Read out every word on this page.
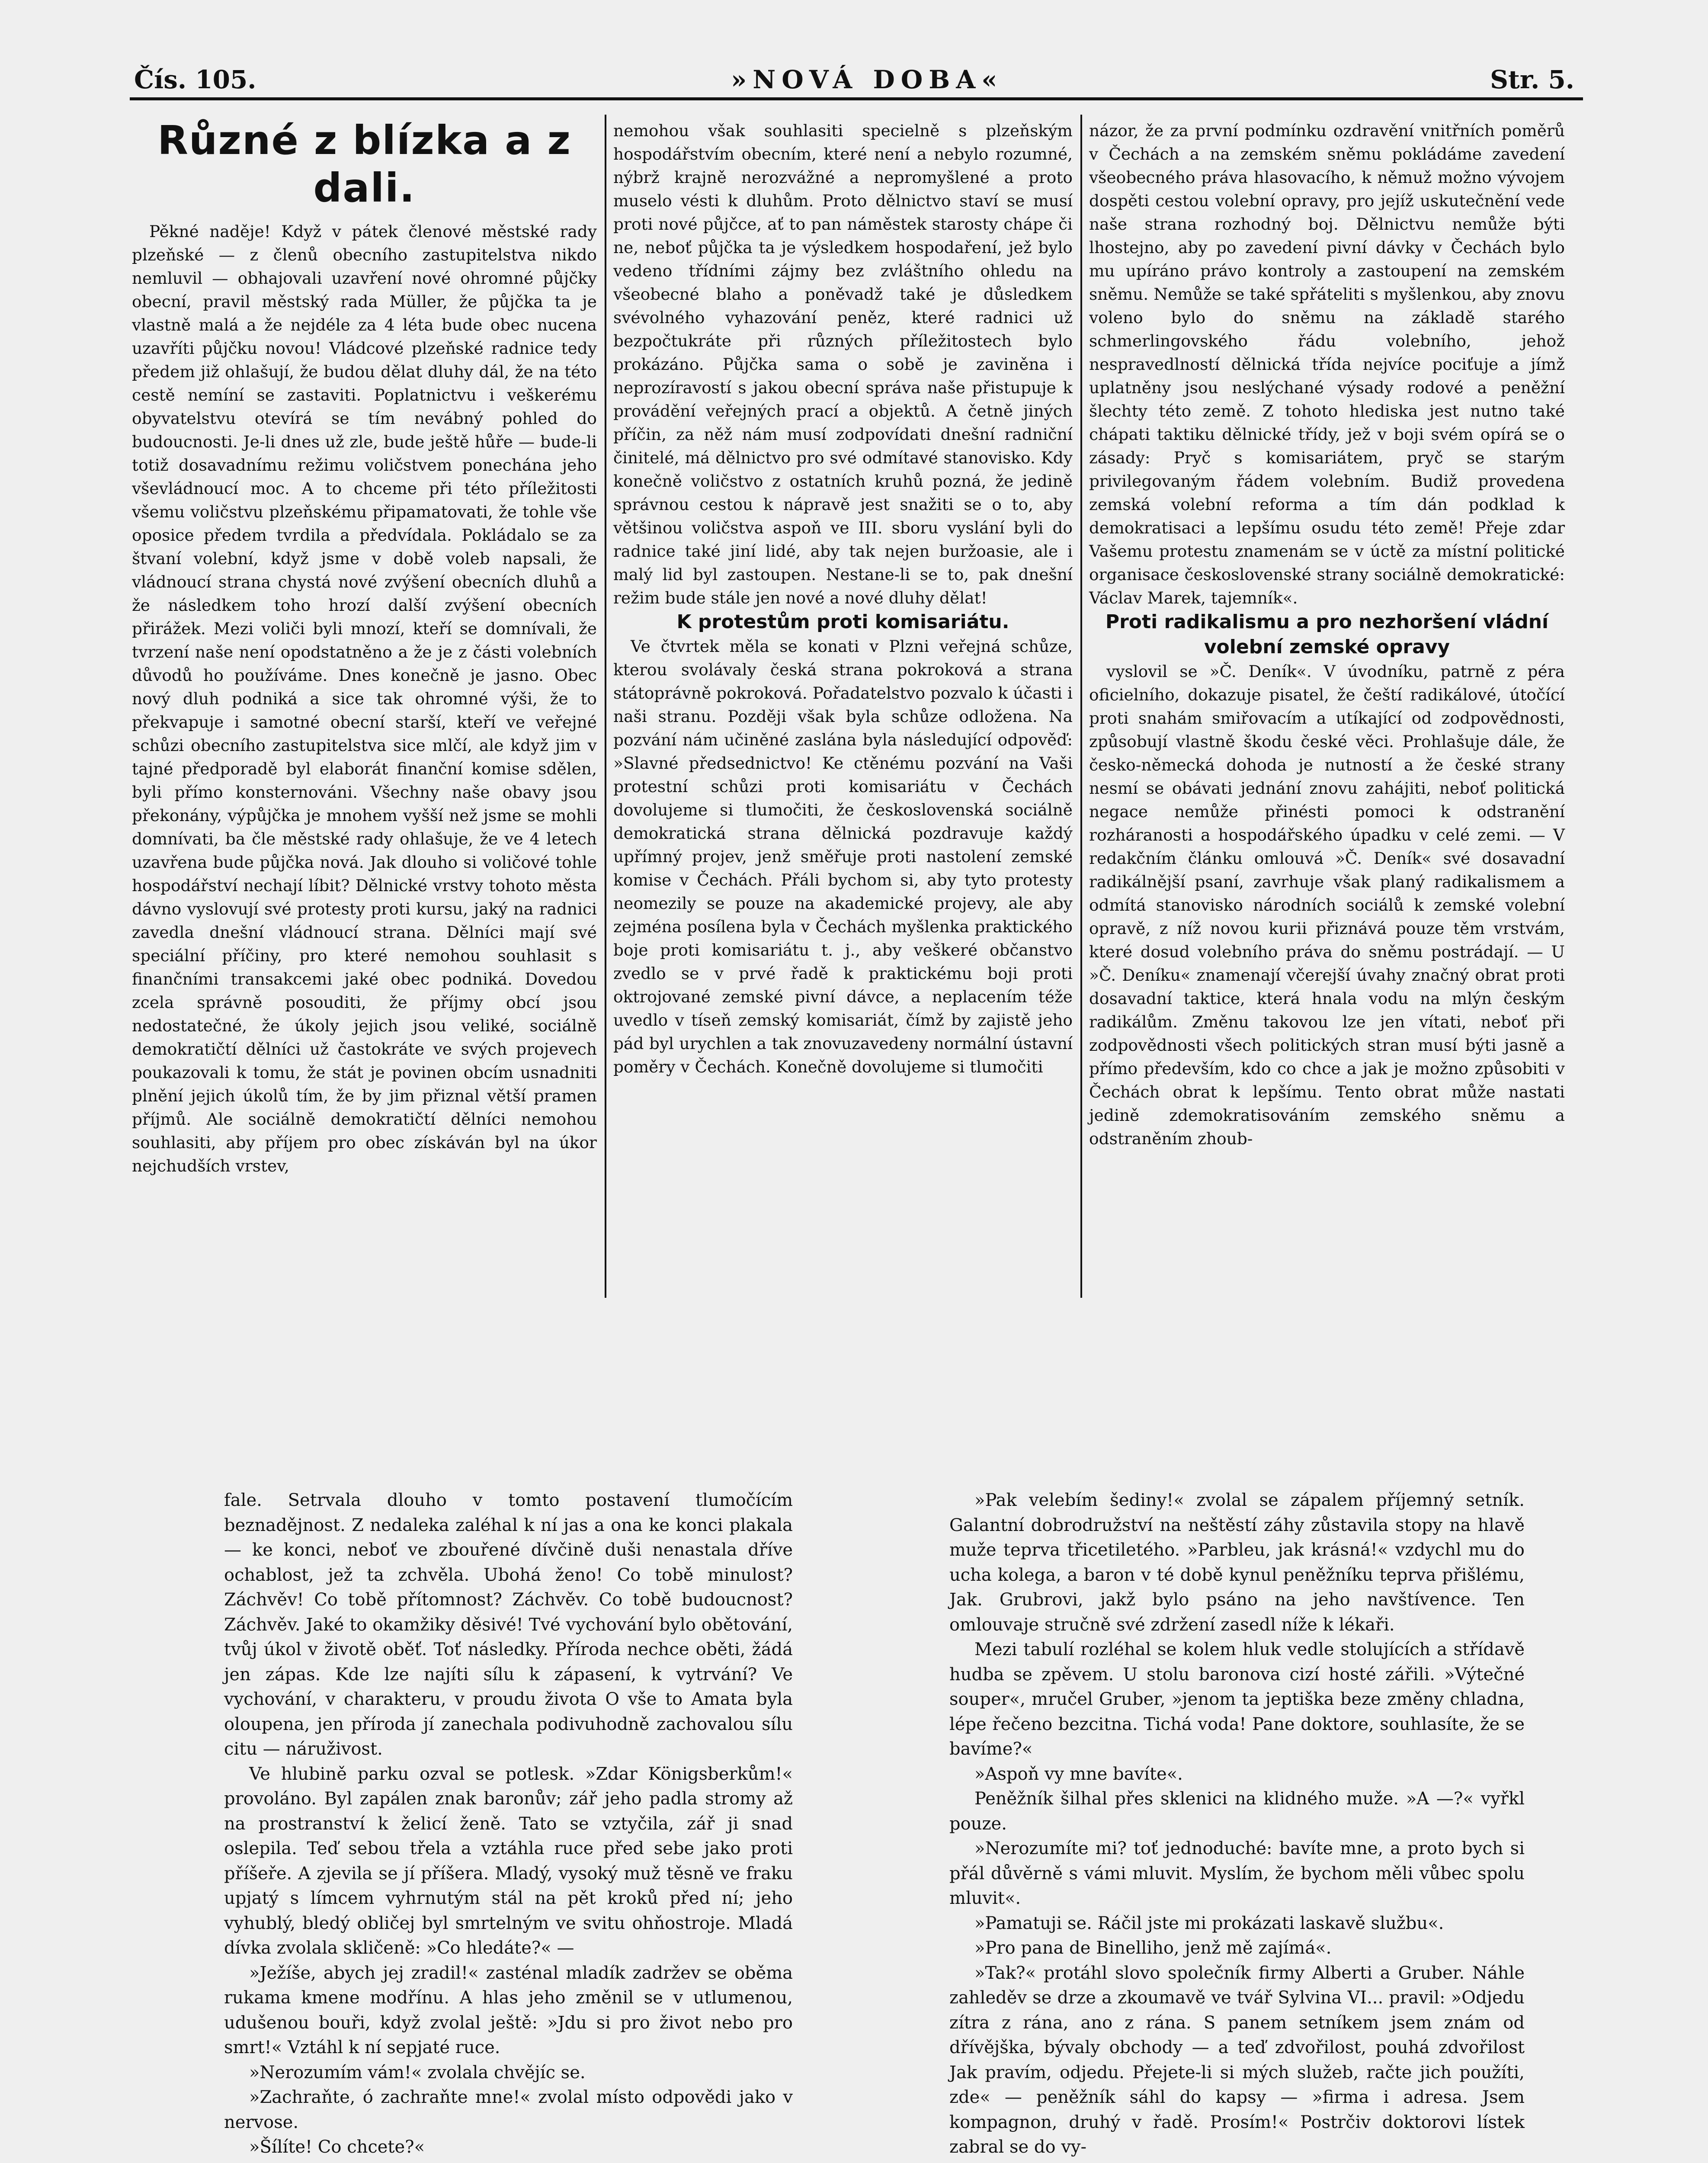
Čís. 105.	»NOVÁ DOBA«	Str. 5.
Různé z blízka a z dali.

Pěkné naděje! Když v pátek členové městské rady plzeňské — z členů obecního zastupitelstva nikdo nemluvil — obhajovali uzavření nové ohromné půjčky obecní, pravil městský rada Müller, že půjčka ta je vlastně malá a že nejdéle za 4 léta bude obec nucena uzavříti půjčku novou! Vládcové plzeňské radnice tedy předem již ohlašují, že budou dělat dluhy dál, že na této cestě nemíní se zastaviti. Poplatnictvu i veškerému obyvatelstvu otevírá se tím nevábný pohled do budoucnosti. Je-li dnes už zle, bude ještě hůře — bude-li totiž dosavadnímu režimu voličstvem ponechána jeho vševládnoucí moc. A to chceme při této příležitosti všemu voličstvu plzeňskému připamatovati, že tohle vše oposice předem tvrdila a předvídala. Pokládalo se za štvaní volební, když jsme v době voleb napsali, že vládnoucí strana chystá nové zvýšení obecních dluhů a že následkem toho hrozí další zvýšení obecních přirážek. Mezi voliči byli mnozí, kteří se domnívali, že tvrzení naše není opodstatněno a že je z části volebních důvodů ho používáme. Dnes konečně je jasno. Obec nový dluh podniká a sice tak ohromné výši, že to překvapuje i samotné obecní starší, kteří ve veřejné schůzi obecního zastupitelstva sice mlčí, ale když jim v tajné předporadě byl elaborát finanční komise sdělen, byli přímo konsternováni. Všechny naše obavy jsou překonány, výpůjčka je mnohem vyšší než jsme se mohli domnívati, ba čle městské rady ohlašuje, že ve 4 letech uzavřena bude půjčka nová. Jak dlouho si voličové tohle hospodářství nechají líbit? Dělnické vrstvy tohoto města dávno vyslovují své protesty proti kursu, jaký na radnici zavedla dnešní vládnoucí strana. Dělníci mají své speciální příčiny, pro které nemohou souhlasit s finančními transakcemi jaké obec podniká. Dovedou zcela správně posouditi, že příjmy obcí jsou nedostatečné, že úkoly jejich jsou veliké, sociálně demokratičtí dělníci už častokráte ve svých projevech poukazovali k tomu, že stát je povinen obcím usnadniti plnění jejich úkolů tím, že by jim přiznal větší pramen příjmů. Ale sociálně demokratičtí dělníci nemohou souhlasiti, aby příjem pro obec získáván byl na úkor nejchudších vrstev,

nemohou však souhlasiti specielně s plzeňským hospodářstvím obecním, které není a nebylo rozumné, nýbrž krajně nerozvážné a nepromyšlené a proto muselo vésti k dluhům. Proto dělnictvo staví se musí proti nové půjčce, ať to pan náměstek starosty chápe či ne, neboť půjčka ta je výsledkem hospodaření, jež bylo vedeno třídními zájmy bez zvláštního ohledu na všeobecné blaho a poněvadž také je důsledkem svévolného vyhazování peněz, které radnici už bezpočtukráte při různých příležitostech bylo prokázáno. Půjčka sama o sobě je zaviněna i neprozíravostí s jakou obecní správa naše přistupuje k provádění veřejných prací a objektů. A četně jiných příčin, za něž nám musí zodpovídati dnešní radniční činitelé, má dělnictvo pro své odmítavé stanovisko. Kdy konečně voličstvo z ostatních kruhů pozná, že jedině správnou cestou k nápravě jest snažiti se o to, aby většinou voličstva aspoň ve III. sboru vyslání byli do radnice také jiní lidé, aby tak nejen buržoasie, ale i malý lid byl zastoupen. Nestane-li se to, pak dnešní režim bude stále jen nové a nové dluhy dělat!

K protestům proti komisariátu.

Ve čtvrtek měla se konati v Plzni veřejná schůze, kterou svolávaly česká strana pokroková a strana státoprávně pokroková. Pořadatelstvo pozvalo k účasti i naši stranu. Později však byla schůze odložena. Na pozvání nám učiněné zaslána byla následující odpověď: »Slavné předsednictvo! Ke ctěnému pozvání na Vaši protestní schůzi proti komisariátu v Čechách dovolujeme si tlumočiti, že československá sociálně demokratická strana dělnická pozdravuje každý upřímný projev, jenž směřuje proti nastolení zemské komise v Čechách. Přáli bychom si, aby tyto protesty neomezily se pouze na akademické projevy, ale aby zejména posílena byla v Čechách myšlenka praktického boje proti komisariátu t. j., aby veškeré občanstvo zvedlo se v prvé řadě k praktickému boji proti oktrojované zemské pivní dávce, a neplacením téže uvedlo v tíseň zemský komisariát, čímž by zajistě jeho pád byl urychlen a tak znovuzavedeny normální ústavní poměry v Čechách. Konečně dovolujeme si tlumočiti

názor, že za první podmínku ozdravění vnitřních poměrů v Čechách a na zemském sněmu pokládáme zavedení všeobecného práva hlasovacího, k němuž možno vývojem dospěti cestou volební opravy, pro jejíž uskutečnění vede naše strana rozhodný boj. Dělnictvu nemůže býti lhostejno, aby po zavedení pivní dávky v Čechách bylo mu upíráno právo kontroly a zastoupení na zemském sněmu. Nemůže se také spřáteliti s myšlenkou, aby znovu voleno bylo do sněmu na základě starého schmerlingovského řádu volebního, jehož nespravedlností dělnická třída nejvíce pociťuje a jímž uplatněny jsou neslýchané výsady rodové a peněžní šlechty této země. Z tohoto hlediska jest nutno také chápati taktiku dělnické třídy, jež v boji svém opírá se o zásady: Pryč s komisariátem, pryč se starým privilegovaným řádem volebním. Budiž provedena zemská volební reforma a tím dán podklad k demokratisaci a lepšímu osudu této země! Přeje zdar Vašemu protestu znamenám se v úctě za místní politické organisace československé strany sociálně demokratické: Václav Marek, tajemník«.

Proti radikalismu a pro nezhoršení vládní volební zemské opravy

vyslovil se »Č. Deník«. V úvodníku, patrně z péra oficielního, dokazuje pisatel, že čeští radikálové, útočící proti snahám smiřovacím a utíkající od zodpovědnosti, způsobují vlastně škodu české věci. Prohlašuje dále, že česko-německá dohoda je nutností a že české strany nesmí se obávati jednání znovu zahájiti, neboť politická negace nemůže přinésti pomoci k odstranění rozháranosti a hospodářského úpadku v celé zemi. — V redakčním článku omlouvá »Č. Deník« své dosavadní radikálnější psaní, zavrhuje však planý radikalismem a odmítá stanovisko národních sociálů k zemské volební opravě, z níž novou kurii přiznává pouze těm vrstvám, které dosud volebního práva do sněmu postrádají. — U »Č. Deníku« znamenají včerejší úvahy značný obrat proti dosavadní taktice, která hnala vodu na mlýn českým radikálům. Změnu takovou lze jen vítati, neboť při zodpovědnosti všech politických stran musí býti jasně a přímo především, kdo co chce a jak je možno způsobiti v Čechách obrat k lepšímu. Tento obrat může nastati jedině zdemokratisováním zemského sněmu a odstraněním zhoub-

fale. Setrvala dlouho v tomto postavení tlumočícím beznadějnost. Z nedaleka zaléhal k ní jas a ona ke konci plakala — ke konci, neboť ve zbouřené dívčině duši nenastala dříve ochablost, jež ta zchvěla. Ubohá ženo! Co tobě minulost? Záchvěv! Co tobě přítomnost? Záchvěv. Co tobě budoucnost? Záchvěv. Jaké to okamžiky děsivé! Tvé vychování bylo obětování, tvůj úkol v životě oběť. Toť následky. Příroda nechce oběti, žádá jen zápas. Kde lze najíti sílu k zápasení, k vytrvání? Ve vychování, v charakteru, v proudu života O vše to Amata byla oloupena, jen příroda jí zanechala podivuhodně zachovalou sílu citu — náruživost.

Ve hlubině parku ozval se potlesk. »Zdar Königsberkům!« provoláno. Byl zapálen znak baronův; zář jeho padla stromy až na prostranství k želicí ženě. Tato se vztyčila, zář ji snad oslepila. Teď sebou třela a vztáhla ruce před sebe jako proti příšeře. A zjevila se jí příšera. Mladý, vysoký muž těsně ve fraku upjatý s límcem vyhrnutým stál na pět kroků před ní; jeho vyhublý, bledý obličej byl smrtelným ve svitu ohňostroje. Mladá dívka zvolala skličeně: »Co hledáte?« —

»Ježíše, abych jej zradil!« zasténal mladík zadržev se oběma rukama kmene modřínu. A hlas jeho změnil se v utlumenou, udušenou bouři, když zvolal ještě: »Jdu si pro život nebo pro smrt!« Vztáhl k ní sepjaté ruce.

»Nerozumím vám!« zvolala chvějíc se.

»Zachraňte, ó zachraňte mne!« zvolal místo odpovědi jako v nervose.

»Šílíte! Co chcete?«

»Pak velebím šediny!« zvolal se zápalem příjemný setník. Galantní dobrodružství na neštěstí záhy zůstavila stopy na hlavě muže teprva třicetiletého. »Parbleu, jak krásná!« vzdychl mu do ucha kolega, a baron v té době kynul peněžníku teprva přišlému, Jak. Grubrovi, jakž bylo psáno na jeho navštívence. Ten omlouvaje stručně své zdržení zasedl níže k lékaři.

Mezi tabulí rozléhal se kolem hluk vedle stolujících a střídavě hudba se zpěvem. U stolu baronova cizí hosté zářili. »Výtečné souper«, mručel Gruber, »jenom ta jeptiška beze změny chladna, lépe řečeno bezcitna. Tichá voda! Pane doktore, souhlasíte, že se bavíme?«

»Aspoň vy mne bavíte«.

Peněžník šilhal přes sklenici na klidného muže. »A —?« vyřkl pouze.

»Nerozumíte mi? toť jednoduché: bavíte mne, a proto bych si přál důvěrně s vámi mluvit. Myslím, že bychom měli vůbec spolu mluvit«.

»Pamatuji se. Ráčil jste mi prokázati laskavě službu«.

»Pro pana de Binelliho, jenž mě zajímá«.

»Tak?« protáhl slovo společník firmy Alberti a Gruber. Náhle zahleděv se drze a zkoumavě ve tvář Sylvina VI... pravil: »Odjedu zítra z rána, ano z rána. S panem setníkem jsem znám od dřívějška, bývaly obchody — a teď zdvořilost, pouhá zdvořilost Jak pravím, odjedu. Přejete-li si mých služeb, račte jich použíti, zde« — peněžník sáhl do kapsy — »firma i adresa. Jsem kompagnon, druhý v řadě. Prosím!« Postrčiv doktorovi lístek zabral se do vy-
